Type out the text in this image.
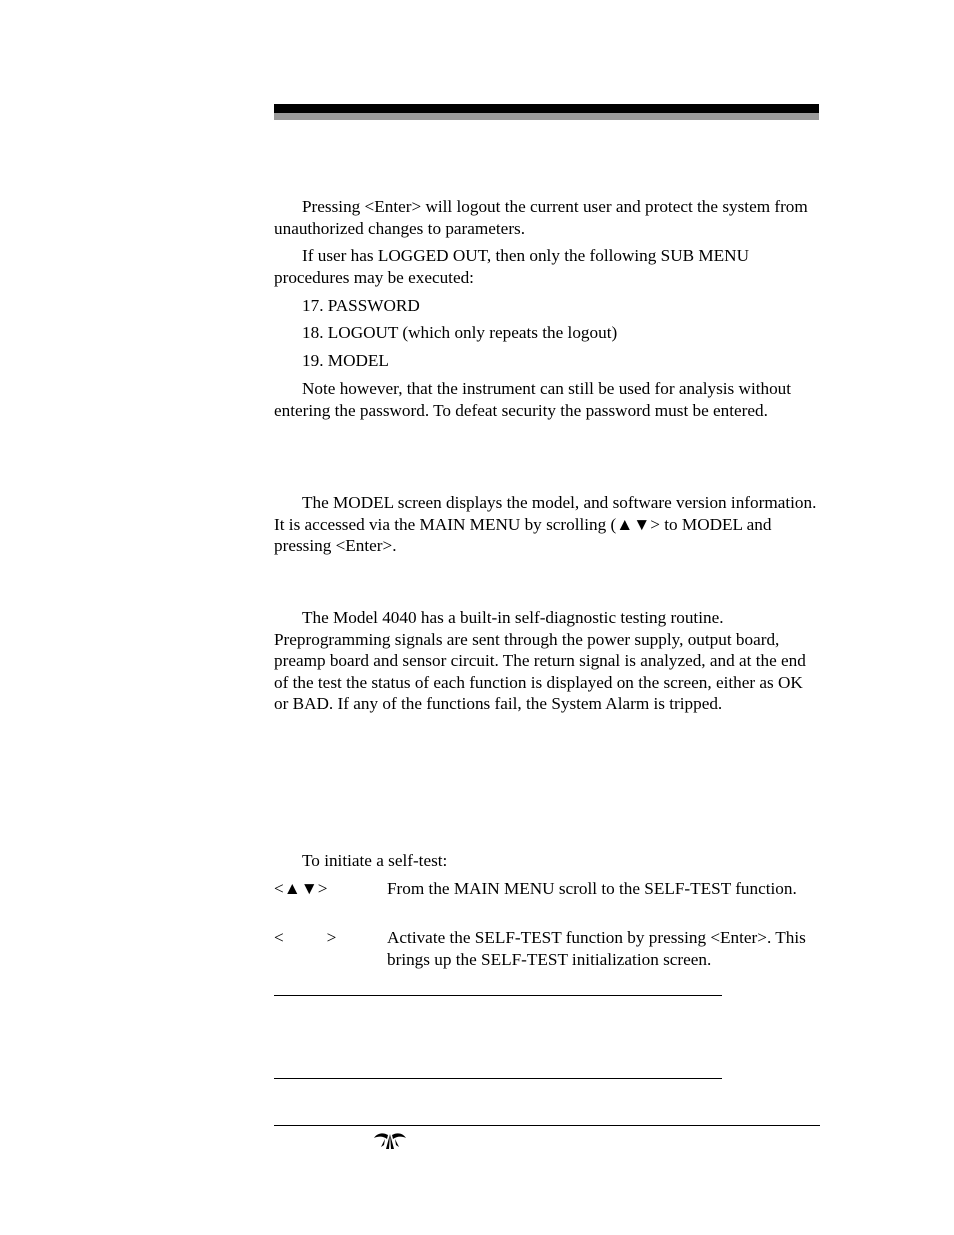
Pressing <Enter> will logout the current user and protect the system from unauthorized changes to parameters.

If user has LOGGED OUT, then only the following SUB MENU procedures may be executed:

17. PASSWORD

18. LOGOUT (which only repeats the logout)

19. MODEL

Note however, that the instrument can still be used for analysis without entering the password. To defeat security the password must be entered.

The MODEL screen displays the model, and software version information. It is accessed via the MAIN MENU by scrolling (▲▼> to MODEL and pressing <Enter>.

The Model 4040 has a built-in self-diagnostic testing routine. Preprogramming signals are sent through the power supply, output board, preamp board and sensor circuit. The return signal is analyzed, and at the end of the test the status of each function is displayed on the screen, either as OK or BAD. If any of the functions fail, the System Alarm is tripped.

To initiate a self-test:

<▲▼>	From the MAIN MENU scroll to the SELF-TEST function.

<          >	Activate the SELF-TEST function by pressing <Enter>. This brings up the SELF-TEST initialization screen.
